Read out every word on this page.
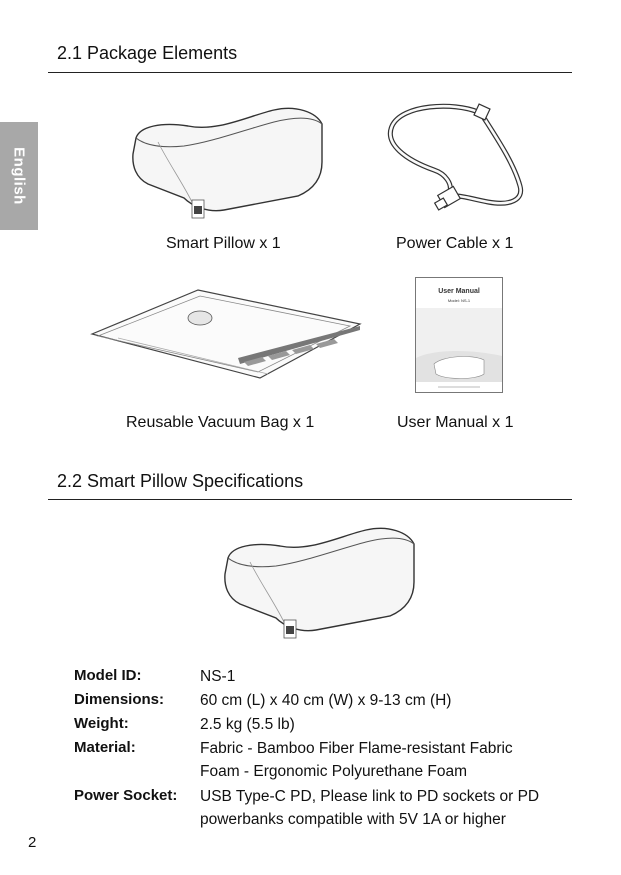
English
2.1 Package Elements
Smart Pillow x 1	Power Cable x 1
Reusable Vacuum Bag x 1
User Manual
Model: NS-1
User Manual x 1
2.2 Smart Pillow Specifications
Model ID:	NS-1
Dimensions: 60 cm (L) x 40 cm (W) x 9-13 cm (H)
Weight:	2.5 kg (5.5 lb)
Material:	Fabric - Bamboo Fiber Flame-resistant Fabric
Foam - Ergonomic Polyurethane Foam
Power Socket: USB Type-C PD, Please link to PD sockets or PD
powerbanks compatible with 5V 1A or higher
2
